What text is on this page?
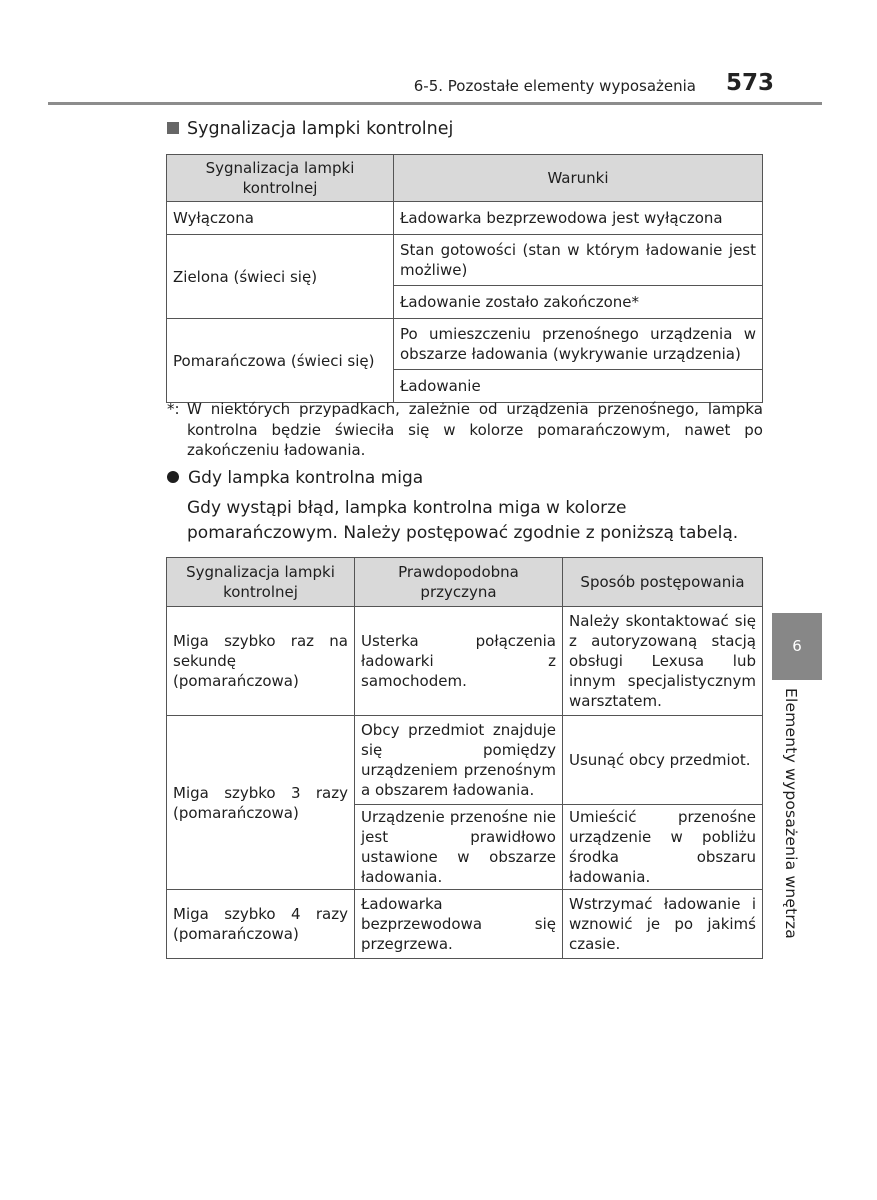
6-5. Pozostałe elementy wyposażenia	573
Sygnalizacja lampki kontrolnej
Sygnalizacja lampki kontrolnej	Warunki
Wyłączona	Ładowarka bezprzewodowa jest wyłączona
Zielona (świeci się)	Stan gotowości (stan w którym ładowanie jest możliwe)
	Ładowanie zostało zakończone*
Pomarańczowa (świeci się)	Po umieszczeniu przenośnego urządzenia w obszarze ładowania (wykrywanie urządzenia)
	Ładowanie
*: W niektórych przypadkach, zależnie od urządzenia przenośnego, lampka kontrolna będzie świeciła się w kolorze pomarańczowym, nawet po zakończeniu ładowania.
Gdy lampka kontrolna miga
Gdy wystąpi błąd, lampka kontrolna miga w kolorze pomarańczowym. Należy postępować zgodnie z poniższą tabelą.
Sygnalizacja lampki kontrolnej	Prawdopodobna przyczyna	Sposób postępowania
Miga szybko raz na sekundę (pomarańczowa)	Usterka połączenia ładowarki z samochodem.	Należy skontaktować się z autoryzowaną stacją obsługi Lexusa lub innym specjalistycznym warsztatem.
Miga szybko 3 razy (pomarańczowa)	Obcy przedmiot znajduje się pomiędzy urządzeniem przenośnym a obszarem ładowania.	Usunąć obcy przedmiot.
	Urządzenie przenośne nie jest prawidłowo ustawione w obszarze ładowania.	Umieścić przenośne urządzenie w pobliżu środka obszaru ładowania.
Miga szybko 4 razy (pomarańczowa)	Ładowarka bezprzewodowa się przegrzewa.	Wstrzymać ładowanie i wznowić je po jakimś czasie.
6
Elementy wyposażenia wnętrza
